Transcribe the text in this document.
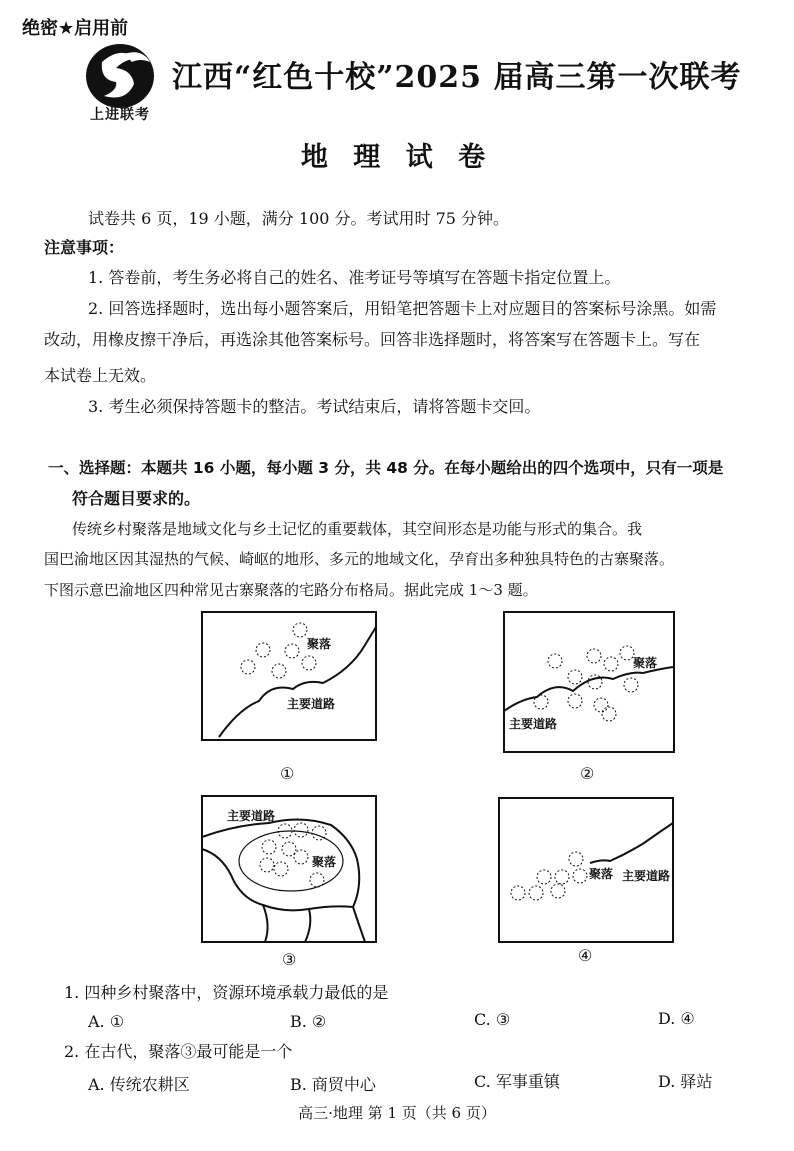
绝密★启用前
上进联考
江西“红色十校”2025 届高三第一次联考
地 理 试 卷
试卷共 6 页，19 小题，满分 100 分。考试用时 75 分钟。
注意事项：
1. 答卷前，考生务必将自己的姓名、准考证号等填写在答题卡指定位置上。
2. 回答选择题时，选出每小题答案后，用铅笔把答题卡上对应题目的答案标号涂黑。如需
改动，用橡皮擦干净后，再选涂其他答案标号。回答非选择题时，将答案写在答题卡上。写在
本试卷上无效。
3. 考生必须保持答题卡的整洁。考试结束后，请将答题卡交回。
一、选择题：本题共 16 小题，每小题 3 分，共 48 分。在每小题给出的四个选项中，只有一项是
符合题目要求的。
传统乡村聚落是地域文化与乡土记忆的重要载体，其空间形态是功能与形式的集合。我
国巴渝地区因其湿热的气候、崎岖的地形、多元的地域文化，孕育出多种独具特色的古寨聚落。
下图示意巴渝地区四种常见古寨聚落的宅路分布格局。据此完成 1～3 题。
聚落
主要道路
①
聚落
主要道路
②
主要道路
聚落
③
聚落 主要道路
④
1. 四种乡村聚落中，资源环境承载力最低的是
A. ①	B. ②	C. ③	D. ④
2. 在古代，聚落③最可能是一个
A. 传统农耕区	B. 商贸中心	C. 军事重镇	D. 驿站
高三·地理 第 1 页（共 6 页）
